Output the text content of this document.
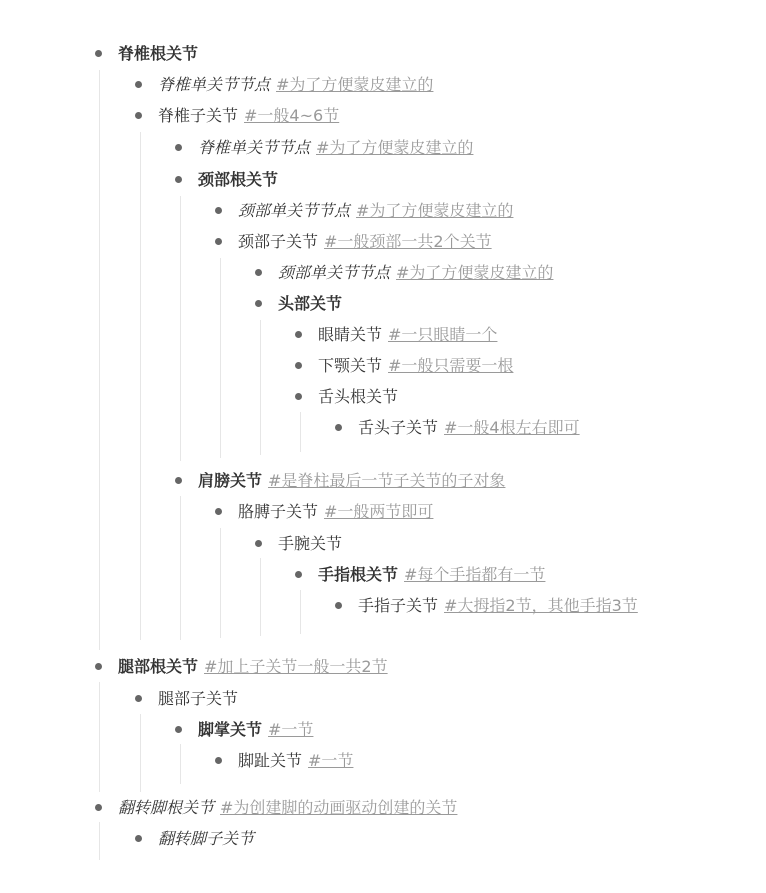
脊椎根关节
脊椎单关节节点 #为了方便蒙皮建立的
脊椎子关节 #一般4~6节
脊椎单关节节点 #为了方便蒙皮建立的
颈部根关节
颈部单关节节点 #为了方便蒙皮建立的
颈部子关节 #一般颈部一共2个关节
颈部单关节节点 #为了方便蒙皮建立的
头部关节
眼睛关节 #一只眼睛一个
下颚关节 #一般只需要一根
舌头根关节
舌头子关节 #一般4根左右即可
肩膀关节 #是脊柱最后一节子关节的子对象
胳膊子关节 #一般两节即可
手腕关节
手指根关节 #每个手指都有一节
手指子关节 #大拇指2节，其他手指3节
腿部根关节 #加上子关节一般一共2节
腿部子关节
脚掌关节 #一节
脚趾关节 #一节
翻转脚根关节 #为创建脚的动画驱动创建的关节
翻转脚子关节
